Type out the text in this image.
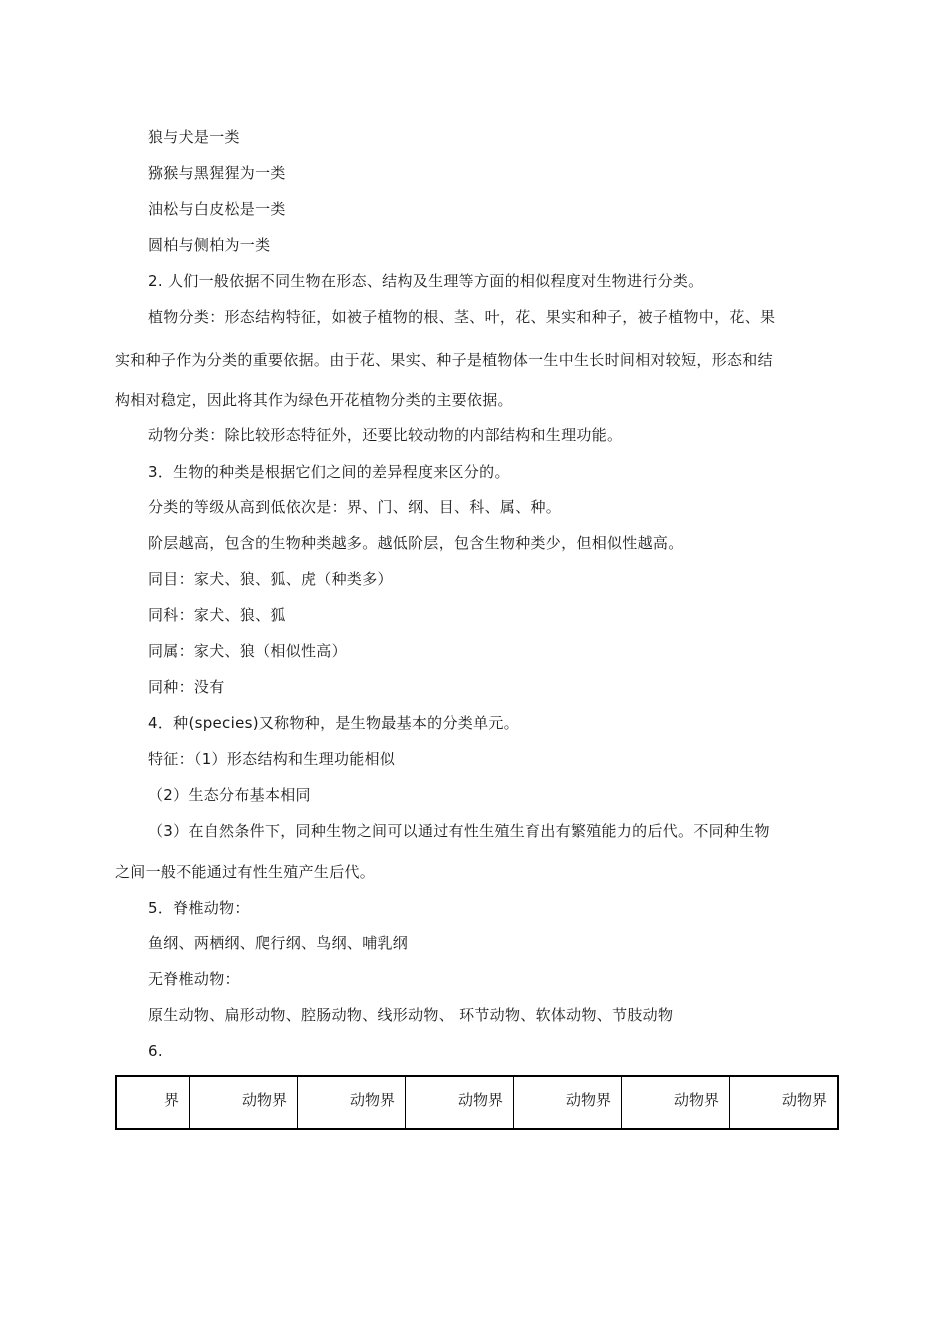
狼与犬是一类
猕猴与黑猩猩为一类
油松与白皮松是一类
圆柏与侧柏为一类
2. 人们一般依据不同生物在形态、结构及生理等方面的相似程度对生物进行分类。
植物分类：形态结构特征，如被子植物的根、茎、叶，花、果实和种子，被子植物中，花、果
实和种子作为分类的重要依据。由于花、果实、种子是植物体一生中生长时间相对较短，形态和结
构相对稳定，因此将其作为绿色开花植物分类的主要依据。
动物分类：除比较形态特征外，还要比较动物的内部结构和生理功能。
3．生物的种类是根据它们之间的差异程度来区分的。
分类的等级从高到低依次是：界、门、纲、目、科、属、种。
阶层越高，包含的生物种类越多。越低阶层，包含生物种类少，但相似性越高。
同目：家犬、狼、狐、虎（种类多）
同科：家犬、狼、狐
同属：家犬、狼（相似性高）
同种：没有
4．种(species)又称物种，是生物最基本的分类单元。
特征：（1）形态结构和生理功能相似
（2）生态分布基本相同
（3）在自然条件下，同种生物之间可以通过有性生殖生育出有繁殖能力的后代。不同种生物
之间一般不能通过有性生殖产生后代。
5．脊椎动物：
鱼纲、两栖纲、爬行纲、鸟纲、哺乳纲
无脊椎动物：
原生动物、扁形动物、腔肠动物、线形动物、 环节动物、软体动物、节肢动物
6.
界	动物界	动物界	动物界	动物界	动物界	动物界
